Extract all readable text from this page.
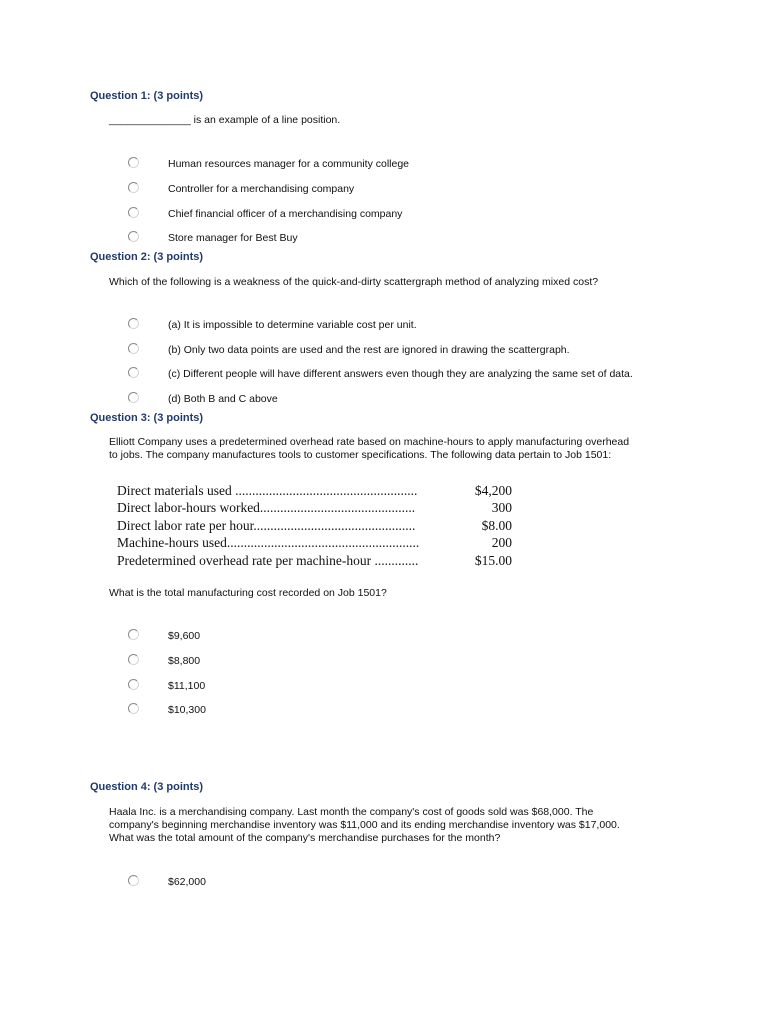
Question 1: (3 points)
______________ is an example of a line position.
Human resources manager for a community college
Controller for a merchandising company
Chief financial officer of a merchandising company
Store manager for Best Buy
Question 2: (3 points)
Which of the following is a weakness of the quick-and-dirty scattergraph method of analyzing mixed cost?
(a) It is impossible to determine variable cost per unit.
(b) Only two data points are used and the rest are ignored in drawing the scattergraph.
(c) Different people will have different answers even though they are analyzing the same set of data.
(d) Both B and C above
Question 3: (3 points)
Elliott Company uses a predetermined overhead rate based on machine-hours to apply manufacturing overhead
to jobs. The company manufactures tools to customer specifications. The following data pertain to Job 1501:
Direct materials used ......................................................	$4,200
Direct labor-hours worked..............................................	300
Direct labor rate per hour................................................	$8.00
Machine-hours used.........................................................	200
Predetermined overhead rate per machine-hour .............	$15.00
What is the total manufacturing cost recorded on Job 1501?
$9,600
$8,800
$11,100
$10,300
Question 4: (3 points)
Haala Inc. is a merchandising company. Last month the company's cost of goods sold was $68,000. The
company's beginning merchandise inventory was $11,000 and its ending merchandise inventory was $17,000.
What was the total amount of the company's merchandise purchases for the month?
$62,000
